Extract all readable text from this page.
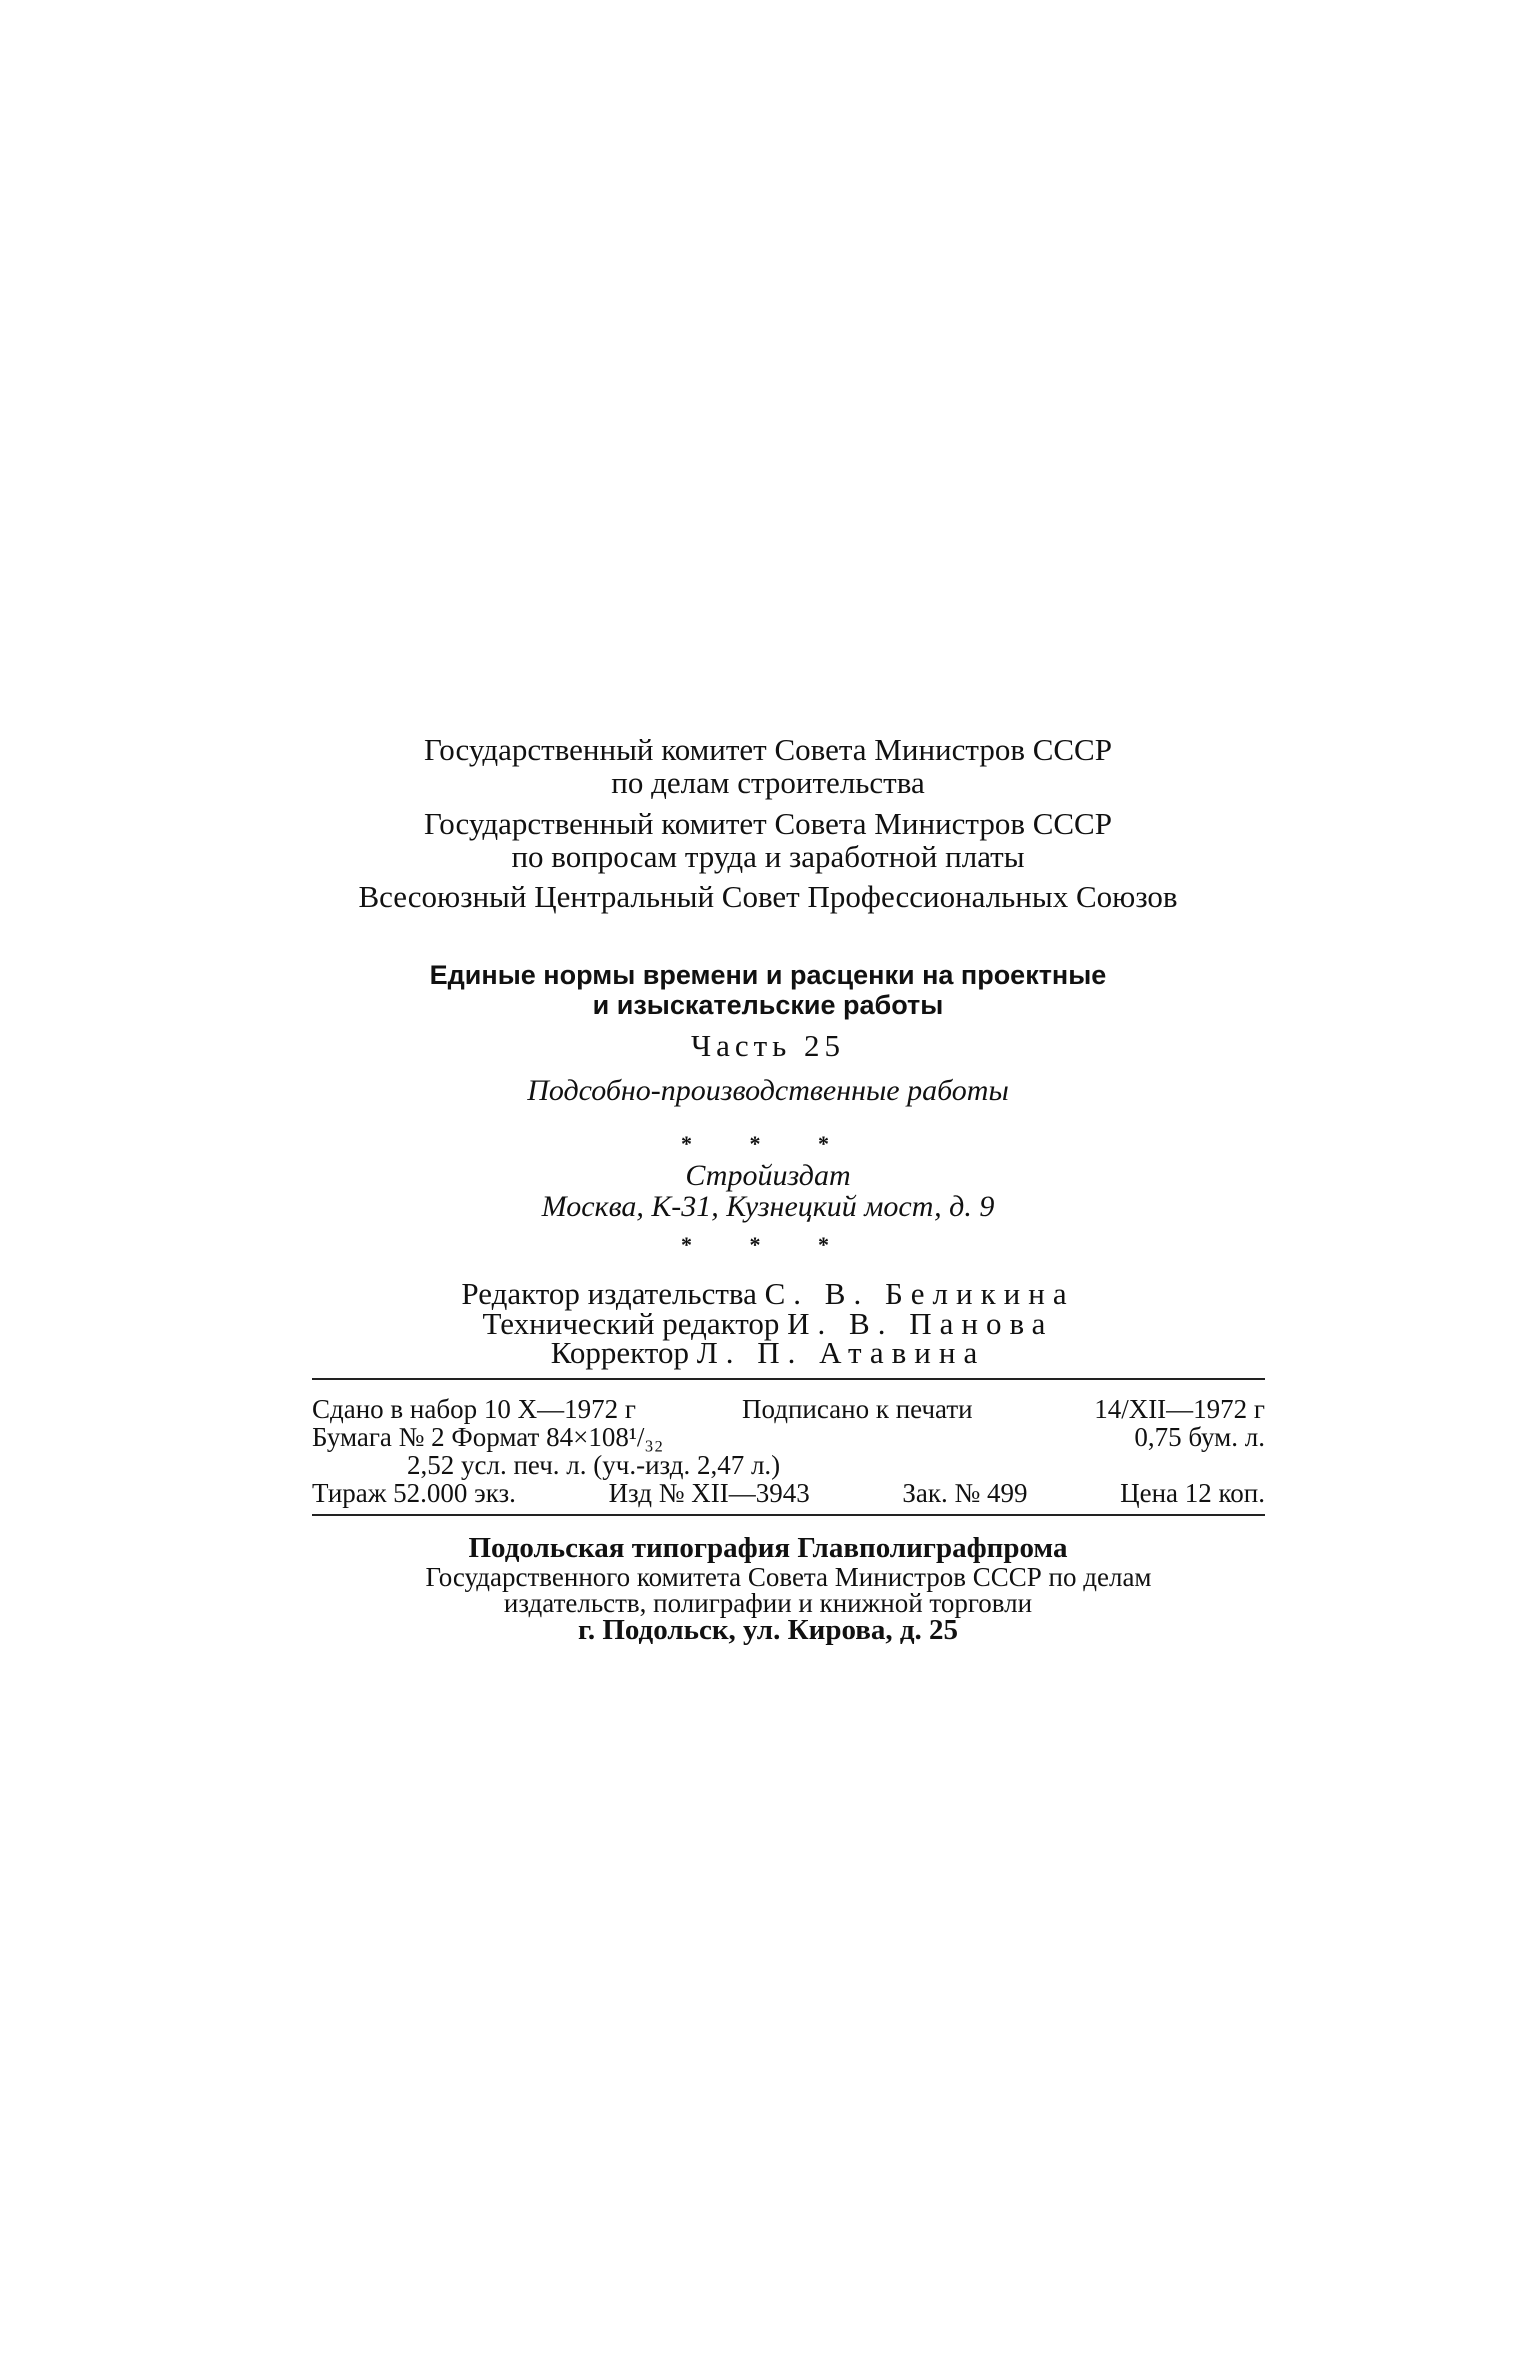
Государственный комитет Совета Министров СССР
по делам строительства
Государственный комитет Совета Министров СССР
по вопросам труда и заработной платы
Всесоюзный Центральный Совет Профессиональных Союзов
Единые нормы времени и расценки на проектные
и изыскательские работы
Часть 25
Подсобно-производственные работы
* * *
Стройиздат
Москва, К-31, Кузнецкий мост, д. 9
* * *
Редактор издательства С. В. Беликина
Технический редактор И. В. Панова
Корректор Л. П. Атавина
Сдано в набор 10 X—1972 г	Подписано к печати	14/XII—1972 г
Бумага № 2 Формат 84×108¹/₃₂	0,75 бум. л.
2,52 усл. печ. л. (уч.-изд. 2,47 л.)
Тираж 52.000 экз.	Изд № XII—3943	Зак. № 499	Цена 12 коп.
Подольская типография Главполиграфпрома
Государственного комитета Совета Министров СССР по делам
издательств, полиграфии и книжной торговли
г. Подольск, ул. Кирова, д. 25
